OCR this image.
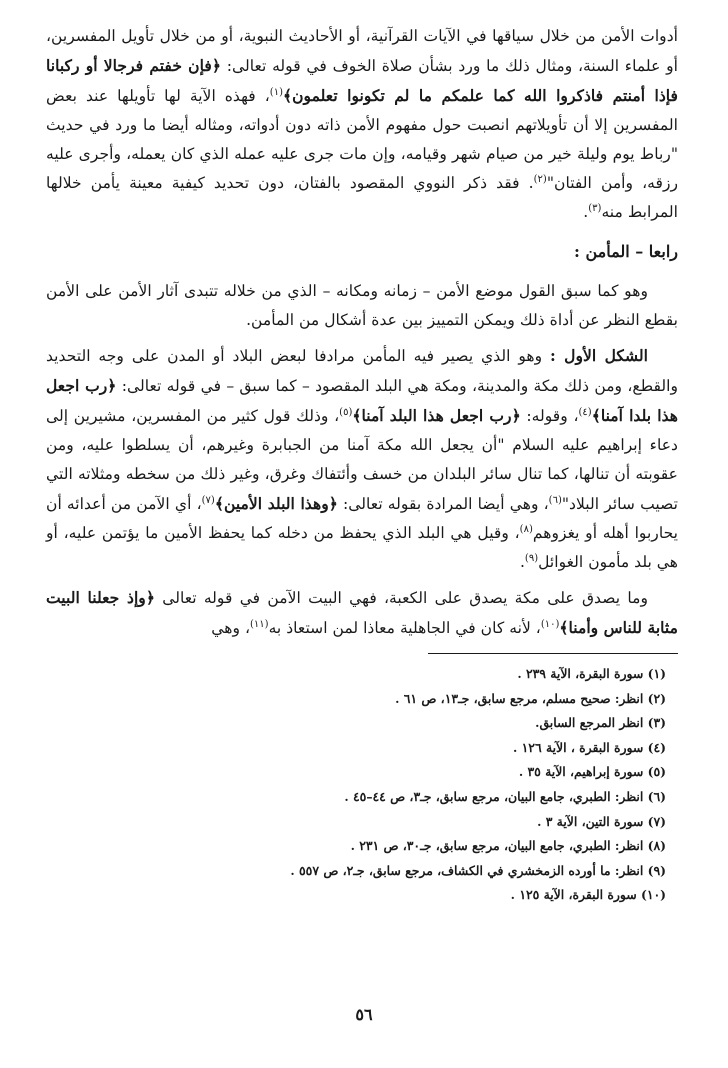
أدوات الأمن من خلال سياقها في الآيات القرآنية، أو الأحاديث النبوية، أو من خلال تأويل المفسرين، أو علماء السنة، ومثال ذلك ما ورد بشأن صلاة الخوف في قوله تعالى: ﴿فإن خفتم فرجالا أو ركبانا فإذا أمنتم فاذكروا الله كما علمكم ما لم تكونوا تعلمون﴾$^{(١)}$، فهذه الآية لها تأويلها عند بعض المفسرين إلا أن تأويلاتهم انصبت حول مفهوم الأمن ذاته دون أدواته، ومثاله أيضا ما ورد في حديث "رباط يوم وليلة خير من صيام شهر وقيامه، وإن مات جرى عليه عمله الذي كان يعمله، وأجرى عليه رزقه، وأمن الفتان"$^{(٢)}$. فقد ذكر النووي المقصود بالفتان، دون تحديد كيفية معينة يأمن خلالها المرابط منه$^{(٣)}$.

رابعا – المأمن :

وهو كما سبق القول موضع الأمن – زمانه ومكانه – الذي من خلاله تتبدى آثار الأمن على الأمن بقطع النظر عن أداة ذلك ويمكن التمييز بين عدة أشكال من المأمن.

الشكل الأول : وهو الذي يصير فيه المأمن مرادفا لبعض البلاد أو المدن على وجه التحديد والقطع، ومن ذلك مكة والمدينة، ومكة هي البلد المقصود – كما سبق – في قوله تعالى: ﴿رب اجعل هذا بلدا آمنا﴾$^{(٤)}$، وقوله: ﴿رب اجعل هذا البلد آمنا﴾$^{(٥)}$، وذلك قول كثير من المفسرين، مشيرين إلى دعاء إبراهيم عليه السلام "أن يجعل الله مكة آمنا من الجبابرة وغيرهم، أن يسلطوا عليه، ومن عقوبته أن تنالها، كما تنال سائر البلدان من خسف وأئتفاك وغرق، وغير ذلك من سخطه ومثلاته التي تصيب سائر البلاد"$^{(٦)}$، وهي أيضا المرادة بقوله تعالى: ﴿وهذا البلد الأمين﴾$^{(٧)}$، أي الآمن من أعدائه أن يحاربوا أهله أو يغزوهم$^{(٨)}$، وقيل هي البلد الذي يحفظ من دخله كما يحفظ الأمين ما يؤتمن عليه، أو هي بلد مأمون الغوائل$^{(٩)}$.

وما يصدق على مكة يصدق على الكعبة، فهي البيت الآمن في قوله تعالى ﴿وإذ جعلنا البيت مثابة للناس وأمنا﴾$^{(١٠)}$، لأنه كان في الجاهلية معاذا لمن استعاذ به$^{(١١)}$، وهي

(١) سورة البقرة، الآية ٢٣٩ .
(٢) انظر: صحيح مسلم، مرجع سابق، جـ١٣، ص ٦١ .
(٣) انظر المرجع السابق.
(٤) سورة البقرة ، الآية ١٢٦ .
(٥) سورة إبراهيم، الآية ٣٥ .
(٦) انظر: الطبري، جامع البيان، مرجع سابق، جـ٣، ص ٤٤–٤٥ .
(٧) سورة التين، الآية ٣ .
(٨) انظر: الطبري، جامع البيان، مرجع سابق، جـ٣٠، ص ٢٣١ .
(٩) انظر: ما أورده الزمخشري في الكشاف، مرجع سابق، جـ٢، ص ٥٥٧ .
(١٠) سورة البقرة، الآية ١٢٥ .
٥٦
